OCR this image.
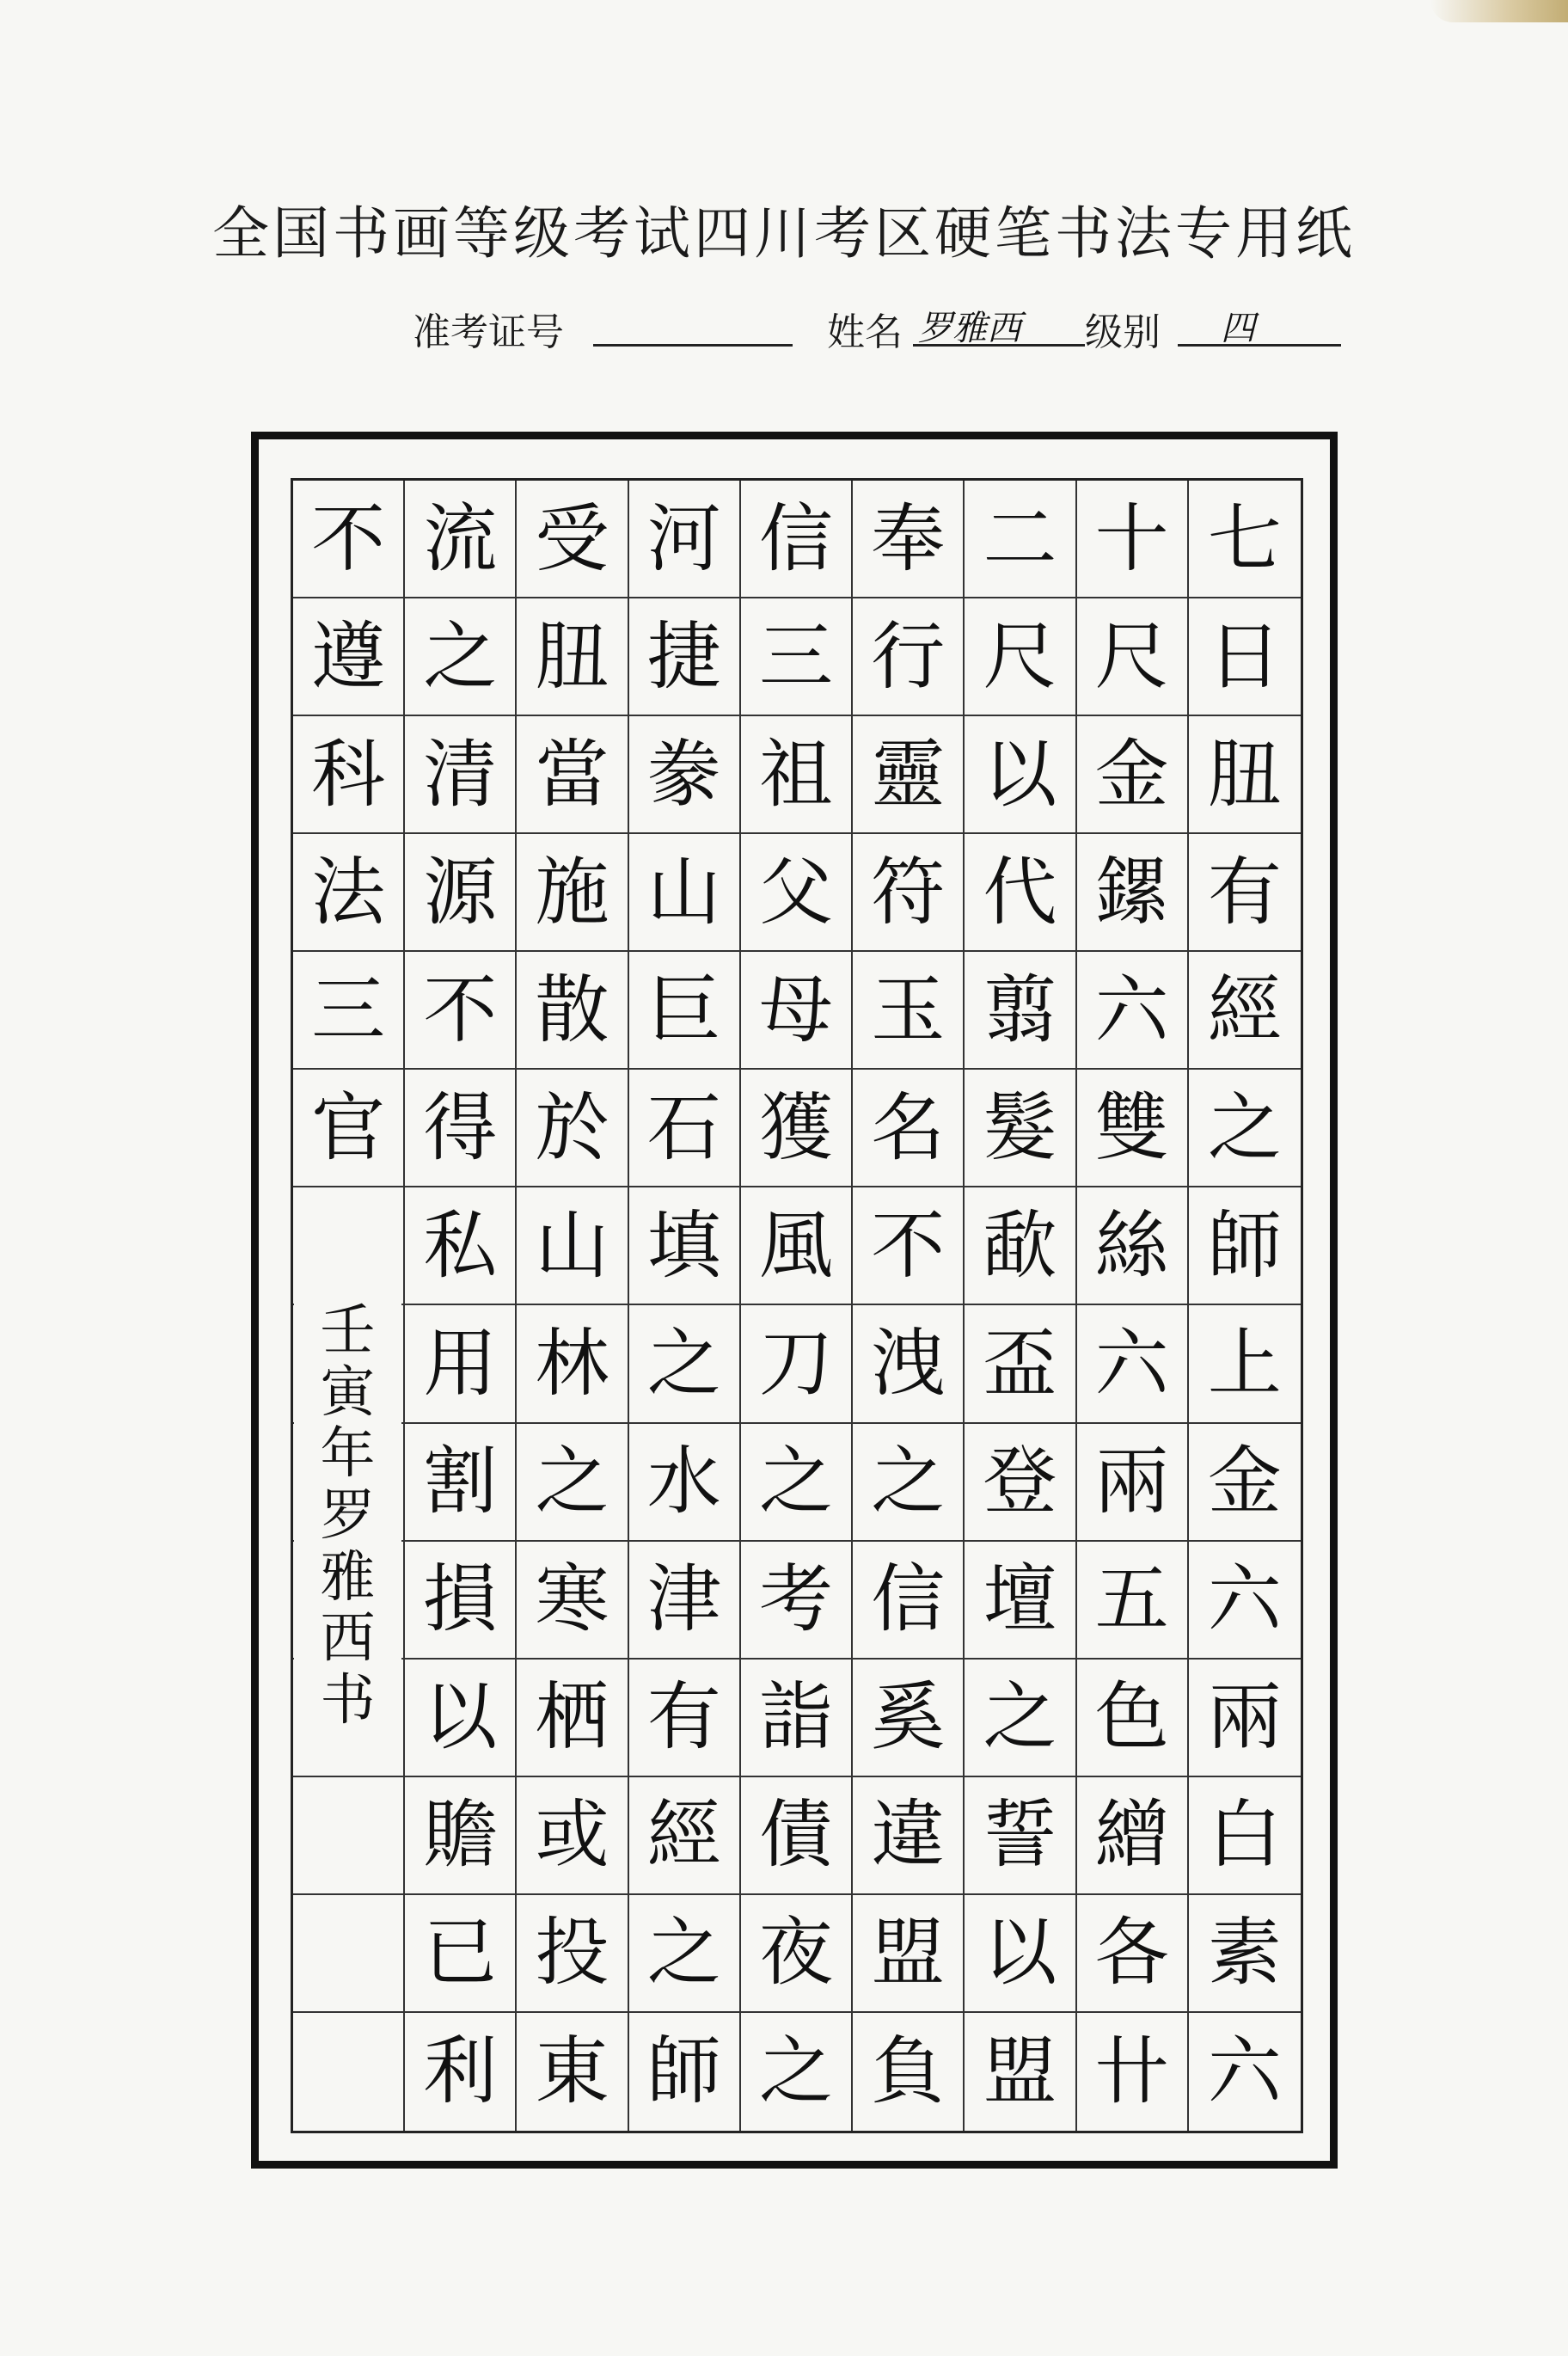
全国书画等级考试四川考区硬笔书法专用纸
准考证号	姓名 罗雅西 级别 四
不 流 受 河 信 奉 二 十 七
遵 之 䏔 捷 三 行 尺 尺 日
科 清 當 豢 祖 靈 以 金 䏔
法 源 施 山 父 符 代 鏍 有
三 不 散 巨 母 玉 翦 六 經
官 得 於 石 獲 名 髮 雙 之
私 山 填 風 不 歃 絲 師
用 林 之 刀 洩 盃 六 上
割 之 水 之 之 登 兩 金
損 寒 津 考 信 壇 五 六
以 栖 有 詣 奚 之 色 兩
贍 或 經 債 違 誓 繒 白
已 投 之 夜 盟 以 各 素
利 東 師 之 負 盟 卄 六
壬
寅
年
罗
雅
西
书
